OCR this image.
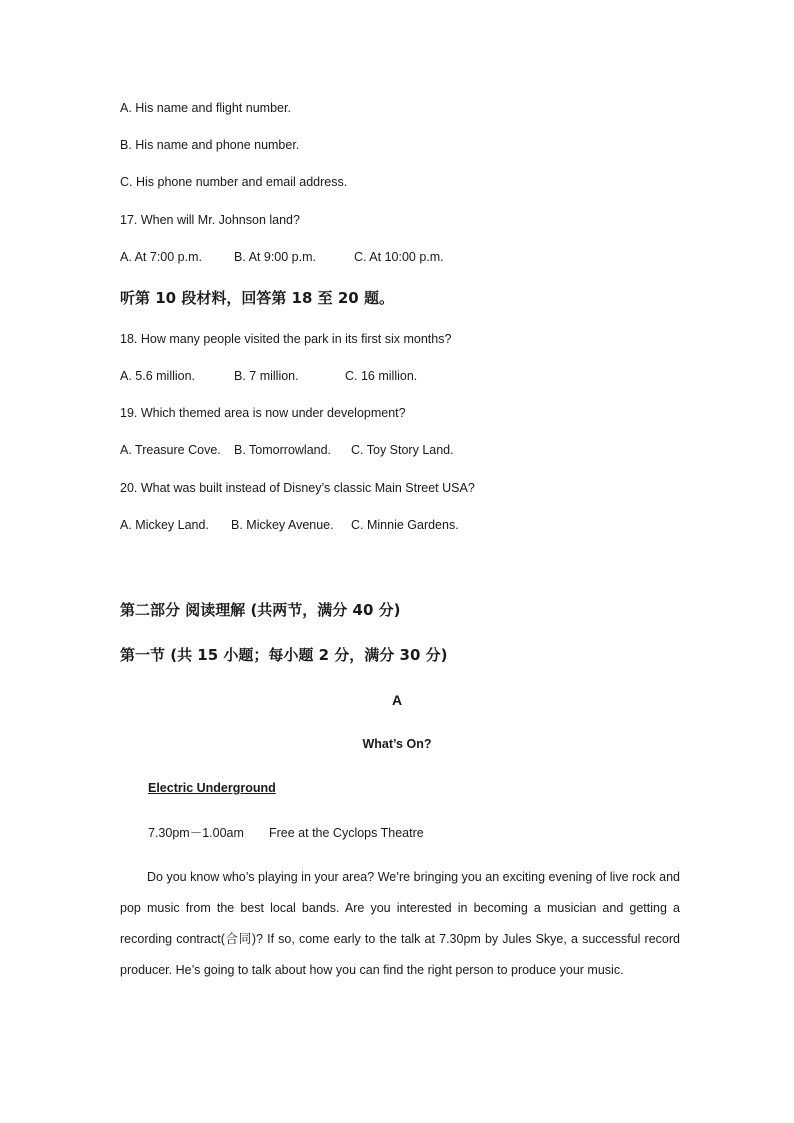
A. His name and flight number.
B. His name and phone number.
C. His phone number and email address.
17. When will Mr. Johnson land?
A. At 7:00 p.m.	B. At 9:00 p.m.	C. At 10:00 p.m.
听第 10 段材料，回答第 18 至 20 题。
18. How many people visited the park in its first six months?
A. 5.6 million.	B. 7 million.	C. 16 million.
19. Which themed area is now under development?
A. Treasure Cove. B. Tomorrowland. C. Toy Story Land.
20. What was built instead of Disney’s classic Main Street USA?
A. Mickey Land. B. Mickey Avenue. C. Minnie Gardens.
第二部分 阅读理解 (共两节，满分 40 分)
第一节 (共 15 小题；每小题 2 分，满分 30 分)
A
What’s On?
Electric Underground
7.30pm－1.00am Free at the Cyclops Theatre
Do you know who’s playing in your area? We’re bringing you an exciting evening of live rock and pop music from the best local bands. Are you interested in becoming a musician and getting a recording contract(合同)? If so, come early to the talk at 7.30pm by Jules Skye, a successful record producer. He’s going to talk about how you can find the right person to produce your music.
